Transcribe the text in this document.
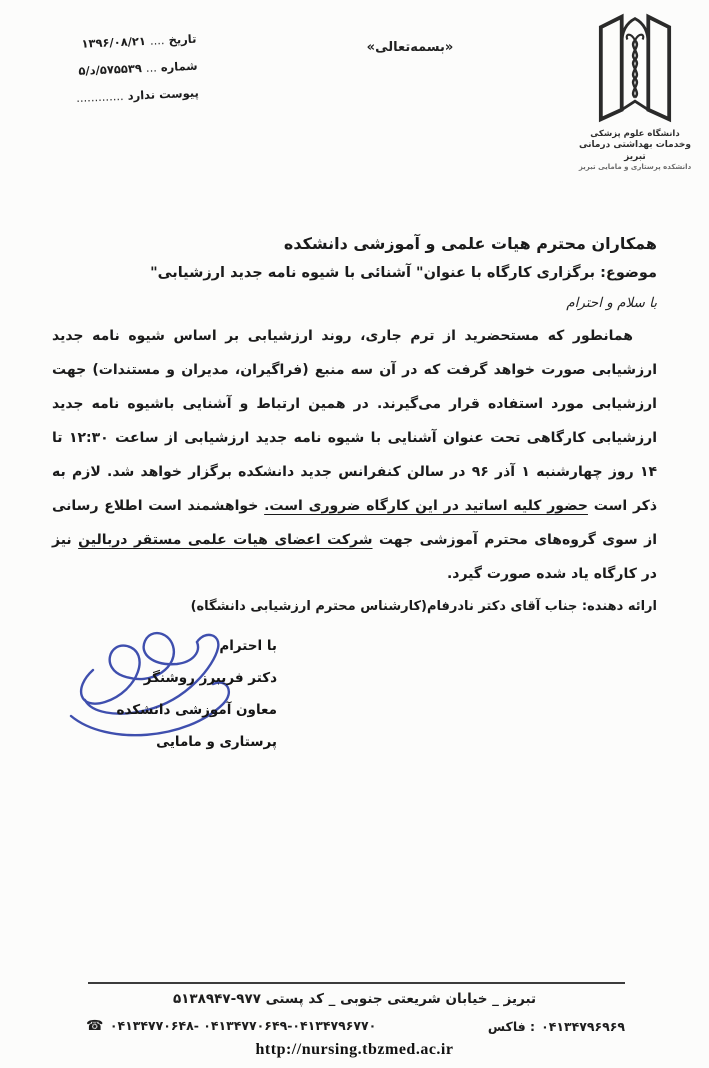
تاریخ .... ۱۳۹۶/۰۸/۲۱
شماره ... ۵۷۵۵۳۹/د/۵
پیوست ندارد .............
«بسمه‌تعالی»
دانشگاه علوم پزشکی
وخدمات بهداشتی درمانی تبریز
دانشکده پرستاری و مامایی تبریز
همکاران محترم هیات علمی و آموزشی دانشکده
موضوع: برگزاری کارگاه با عنوان" آشنائی با شیوه نامه جدید ارزشیابی"
با سلام و احترام

همانطور که مستحضرید از ترم جاری، روند ارزشیابی بر اساس شیوه نامه جدید ارزشیابی صورت خواهد گرفت که در آن سه منبع (فراگیران، مدیران و مستندات) جهت ارزشیابی مورد استفاده قرار می‌گیرند. در همین ارتباط و آشنایی باشیوه نامه جدید ارزشیابی کارگاهی تحت عنوان آشنایی با شیوه نامه جدید ارزشیابی از ساعت ۱۲:۳۰ تا ۱۴ روز چهارشنبه ۱ آذر ۹۶ در سالن کنفرانس جدید دانشکده برگزار خواهد شد. لازم به ذکر است حضور کلیه اساتید در این کارگاه ضروری است. خواهشمند است اطلاع رسانی از سوی گروه‌های محترم آموزشی جهت شرکت اعضای هیات علمی مستقر دربالین نیز در کارگاه یاد شده صورت گیرد.

ارائه دهنده: جناب آقای دکتر نادرفام(کارشناس محترم ارزشیابی دانشگاه)
با احترام
دکتر فریبرز روشنگر
معاون آموزشی دانشکده
پرستاری و مامایی
تبریز _ خیابان شریعتی جنوبی _ کد پستی ۵۱۳۸۹۴۷-۹۷۷
☎ ۰۴۱۳۴۷۷۰۶۴۸- ۰۴۱۳۴۷۷۰۶۴۹-۰۴۱۳۴۷۹۶۷۷۰	فاکس : ۰۴۱۳۴۷۹۶۹۶۹
http://nursing.tbzmed.ac.ir
